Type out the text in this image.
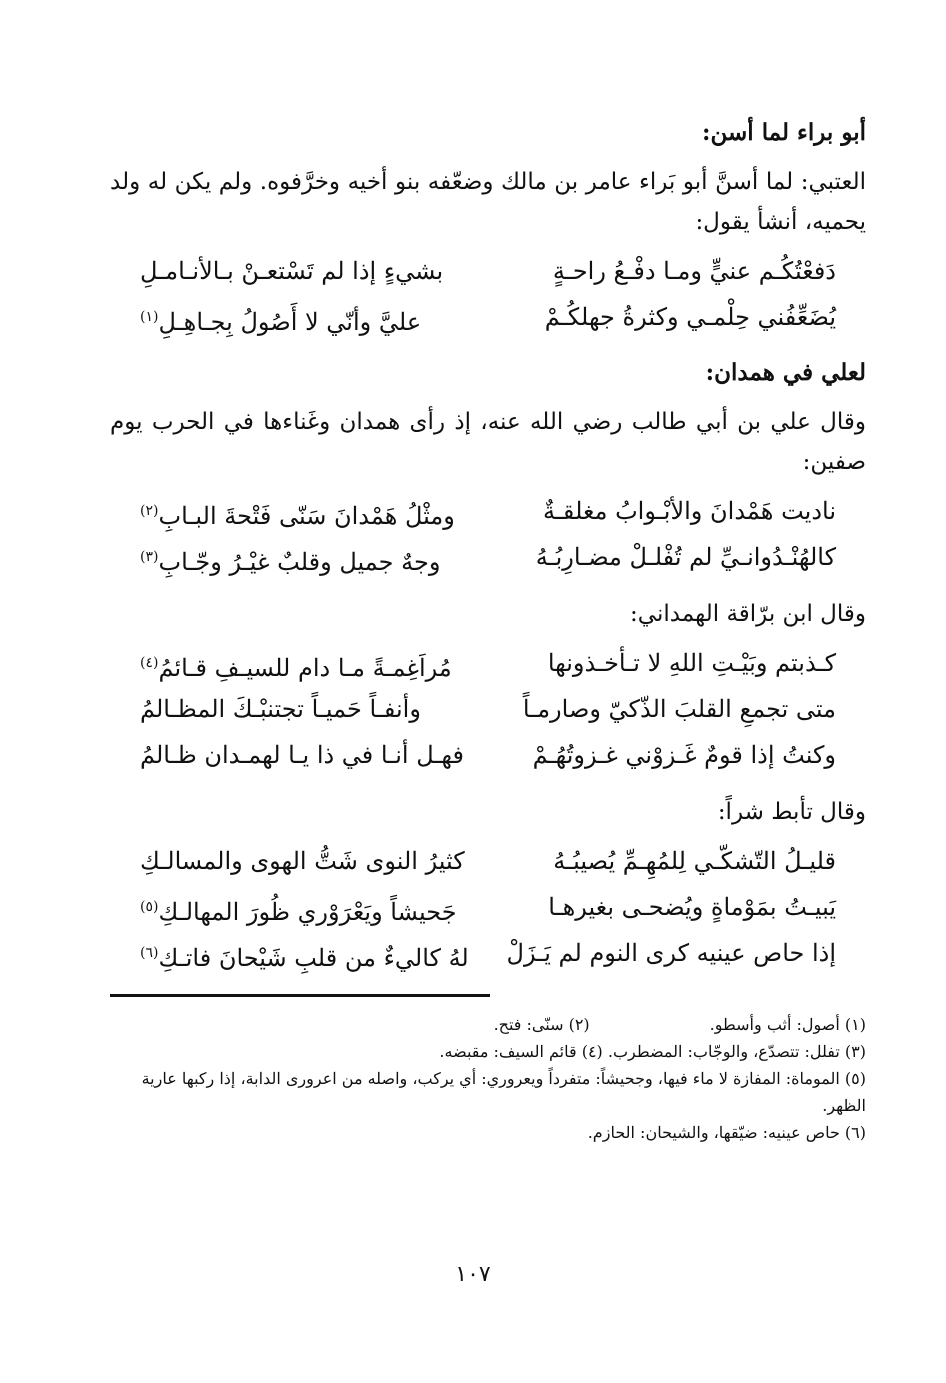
أبو براء لما أسن:

العتبي: لما أسنَّ أبو بَراء عامر بن مالك وضعّفه بنو أخيه وخرَّفوه. ولم يكن له ولد يحميه، أنشأ يقول:

دَفعْتُكُـم عنيٍّ ومـا دفْـعُ راحـةٍ
بشيءٍ إذا لم تَسْتعـنْ بـالأنـامـلِ
يُضَعِّفُني حِلْمـي وكثرةُ جهلكُـمْ
عليَّ وأنّي لا أَصُولُ بِجـاهِـلِ$^{(١)}$
لعلي في همدان:

وقال علي بن أبي طالب رضي الله عنه، إذ رأى همدان وغَناءها في الحرب يوم صفين:

ناديت هَمْدانَ والأبْـوابُ مغلقـةٌ
ومثْلُ هَمْدانَ سَنّى فَتْحةَ البـابِ$^{(٢)}$
كالهُنْـدُوانـيِّ لم تُفْلـلْ مضـارِبُـهُ
وجهٌ جميل وقلبٌ غيْـرُ وجّـابِ$^{(٣)}$

وقال ابن برّاقة الهمداني:

كـذبتم وبَيْـتِ اللهِ لا تـأخـذونها
مُراَغِمـةً مـا دام للسيـفِ قـائمُ$^{(٤)}$
متى تجمعِ القلبَ الذّكيّ وصارمـاً
وأنفـاً حَميـاً تجتنبْـكَ المظـالمُ
وكنتُ إذا قومٌ غَـزوْني غـزوتُهُـمْ
فهـل أنـا في ذا يـا لهمـدان ظـالمُ

وقال تأبط شراً:

قليـلُ التّشكّـي لِلمُهِـمِّ يُصيبُـهُ
كثيرُ النوى شَتُّ الهوى والمسالـكِ
يَبيـتُ بمَوْماةٍ ويُضحـى بغيرهـا
جَحيشاً ويَعْرَوْري ظُورَ المهالـكِ$^{(٥)}$
إذا حاص عينيه كرى النوم لم يَـزَلْ
لهُ كاليءٌ من قلبِ شَيْحانَ فاتـكِ$^{(٦)}$

(١) أصول: أثب وأسطو.

(٢) سنّى: فتح.

(٣) تفلل: تتصدّع، والوجّاب: المضطرب. (٤) قائم السيف: مقبضه.

(٥) الموماة: المفازة لا ماء فيها، وجحيشاً: متفرداً ويعروري: أي يركب، واصله من اعرورى الدابة، إذا ركبها عارية الظهر.

(٦) حاص عينيه: ضيّقها، والشيحان: الحازم.

١٠٧
